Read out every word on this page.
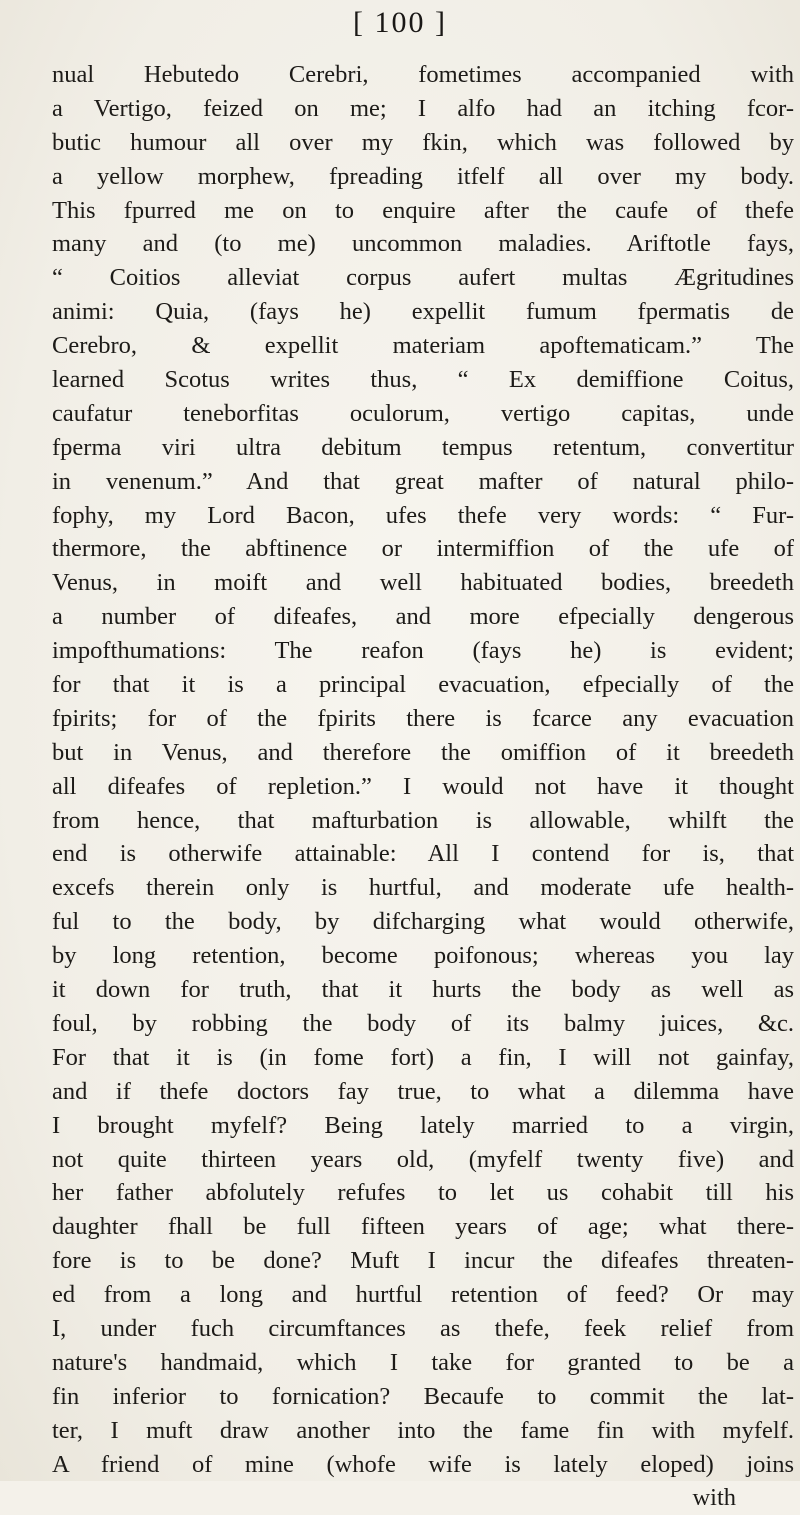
[ 100 ]
nual Hebutedo Cerebri, fometimes accompanied with
a Vertigo, feized on me; I alfo had an itching fcor-
butic humour all over my fkin, which was followed by
a yellow morphew, fpreading itfelf all over my body.
This fpurred me on to enquire after the caufe of thefe
many and (to me) uncommon maladies. Ariftotle fays,
“ Coitios alleviat corpus aufert multas Ægritudines
animi: Quia, (fays he) expellit fumum fpermatis de
Cerebro, & expellit materiam apoftematicam.” The
learned Scotus writes thus, “ Ex demiffione Coitus,
caufatur teneborfitas oculorum, vertigo capitas, unde
fperma viri ultra debitum tempus retentum, convertitur
in venenum.” And that great mafter of natural philo-
fophy, my Lord Bacon, ufes thefe very words: “ Fur-
thermore, the abftinence or intermiffion of the ufe of
Venus, in moift and well habituated bodies, breedeth
a number of difeafes, and more efpecially dengerous
impofthumations: The reafon (fays he) is evident;
for that it is a principal evacuation, efpecially of the
fpirits; for of the fpirits there is fcarce any evacuation
but in Venus, and therefore the omiffion of it breedeth
all difeafes of repletion.” I would not have it thought
from hence, that mafturbation is allowable, whilft the
end is otherwife attainable: All I contend for is, that
excefs therein only is hurtful, and moderate ufe health-
ful to the body, by difcharging what would otherwife,
by long retention, become poifonous; whereas you lay
it down for truth, that it hurts the body as well as
foul, by robbing the body of its balmy juices, &c.
For that it is (in fome fort) a fin, I will not gainfay,
and if thefe doctors fay true, to what a dilemma have
I brought myfelf? Being lately married to a virgin,
not quite thirteen years old, (myfelf twenty five) and
her father abfolutely refufes to let us cohabit till his
daughter fhall be full fifteen years of age; what there-
fore is to be done? Muft I incur the difeafes threaten-
ed from a long and hurtful retention of feed? Or may
I, under fuch circumftances as thefe, feek relief from
nature's handmaid, which I take for granted to be a
fin inferior to fornication? Becaufe to commit the lat-
ter, I muft draw another into the fame fin with myfelf.
A friend of mine (whofe wife is lately eloped) joins
with
